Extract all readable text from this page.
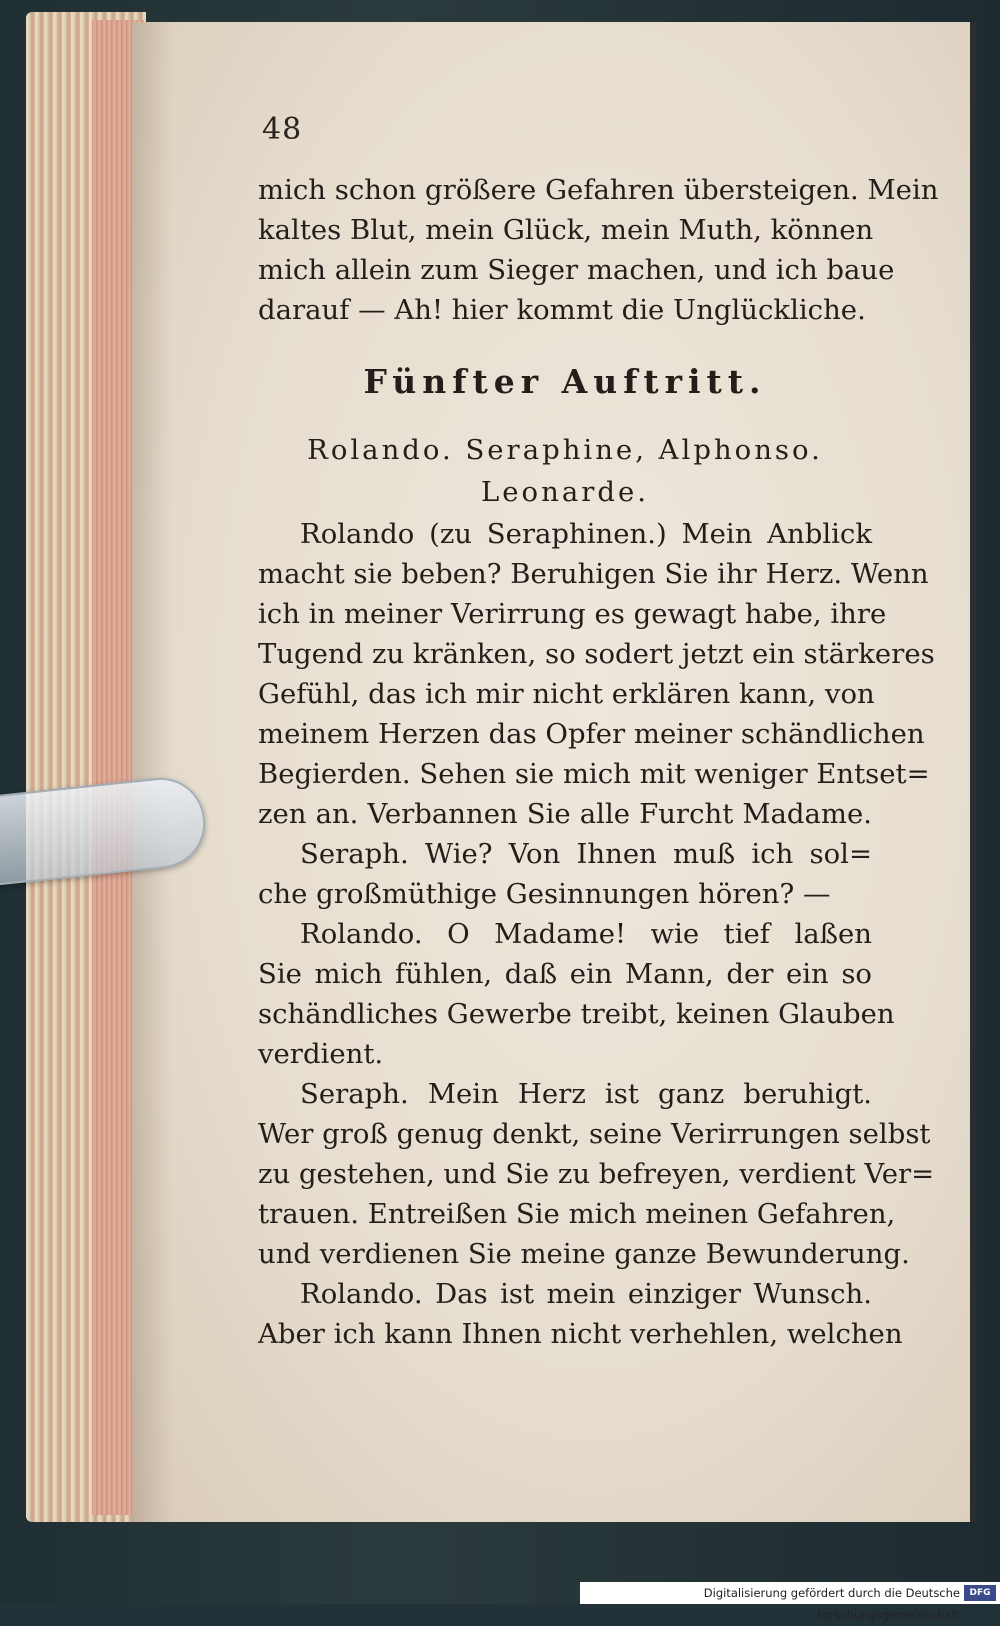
48
mich schon größere Gefahren übersteigen. Mein
kaltes Blut, mein Glück, mein Muth, können
mich allein zum Sieger machen, und ich baue
darauf — Ah! hier kommt die Unglückliche.
Fünfter Auftritt.
Rolando. Seraphine, Alphonso.
Leonarde.
Rolando (zu Seraphinen.) Mein Anblick
macht sie beben? Beruhigen Sie ihr Herz. Wenn
ich in meiner Verirrung es gewagt habe, ihre
Tugend zu kränken, so sodert jetzt ein stärkeres
Gefühl, das ich mir nicht erklären kann, von
meinem Herzen das Opfer meiner schändlichen
Begierden. Sehen sie mich mit weniger Entset=
zen an. Verbannen Sie alle Furcht Madame.
Seraph. Wie? Von Ihnen muß ich sol=
che großmüthige Gesinnungen hören? —
Rolando. O Madame! wie tief laßen
Sie mich fühlen, daß ein Mann, der ein so
schändliches Gewerbe treibt, keinen Glauben
verdient.
Seraph. Mein Herz ist ganz beruhigt.
Wer groß genug denkt, seine Verirrungen selbst
zu gestehen, und Sie zu befreyen, verdient Ver=
trauen. Entreißen Sie mich meinen Gefahren,
und verdienen Sie meine ganze Bewunderung.
Rolando. Das ist mein einziger Wunsch.
Aber ich kann Ihnen nicht verhehlen, welchen
Digitalisierung gefördert durch die Deutsche Forschungsgemeinschaft
DFG
